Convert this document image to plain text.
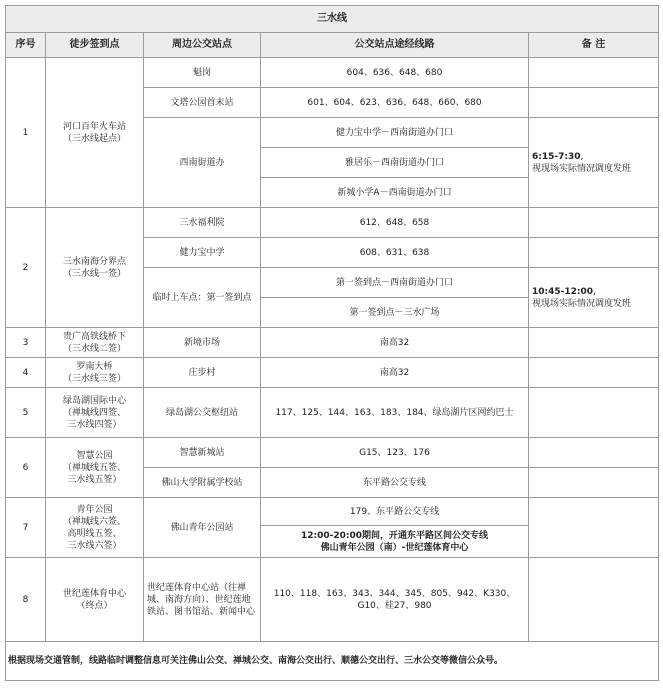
三水线				
序号	徒步签到点	周边公交站点	公交站点途经线路	备 注
1	河口百年火车站
（三水线起点）	魁岗	604、636、648、680	
		文塔公园首末站	601、604、623、636、648、660、680	
		西南街道办	健力宝中学－西南街道办门口	6:15-7:30,
视现场实际情况调度发班
			雅居乐－西南街道办门口	
			新城小学A－西南街道办门口	
2	三水南海分界点
（三水线一签）	三水福利院	612、648、658	
		健力宝中学	608、631、638	
		临时上车点：第一签到点	第一签到点－西南街道办门口	10:45-12:00,
视现场实际情况调度发班
			第一签到点－三水广场	
3	贵广高铁线桥下
（三水线二签）	新境市场	南高32	
4	罗南大桥
（三水线三签）	庄步村	南高32	
5	绿岛湖国际中心
（禅城线四签、
三水线四签）	绿岛湖公交枢纽站	117、125、144、163、183、184、绿岛湖片区网约巴士	
6	智慧公园
（禅城线五签、
三水线五签）	智慧新城站	G15、123、176	
		佛山大学附属学校站	东平路公交专线	
7	青年公园
（禅城线六签、
高明线五签、
三水线六签）	佛山青年公园站	179、东平路公交专线	
			12:00-20:00期间，开通东平路区间公交专线
佛山青年公园（南）-世纪莲体育中心	
8	世纪莲体育中心
（终点）	世纪莲体育中心站（往禅城、南海方向）、世纪莲地铁站、图书馆站、新闻中心	110、118、163、343、344、345、805、942、K330、G10、桂27、980	
根据现场交通管制，线路临时调整信息可关注佛山公交、禅城公交、南海公交出行、顺德公交出行、三水公交等微信公众号。				
